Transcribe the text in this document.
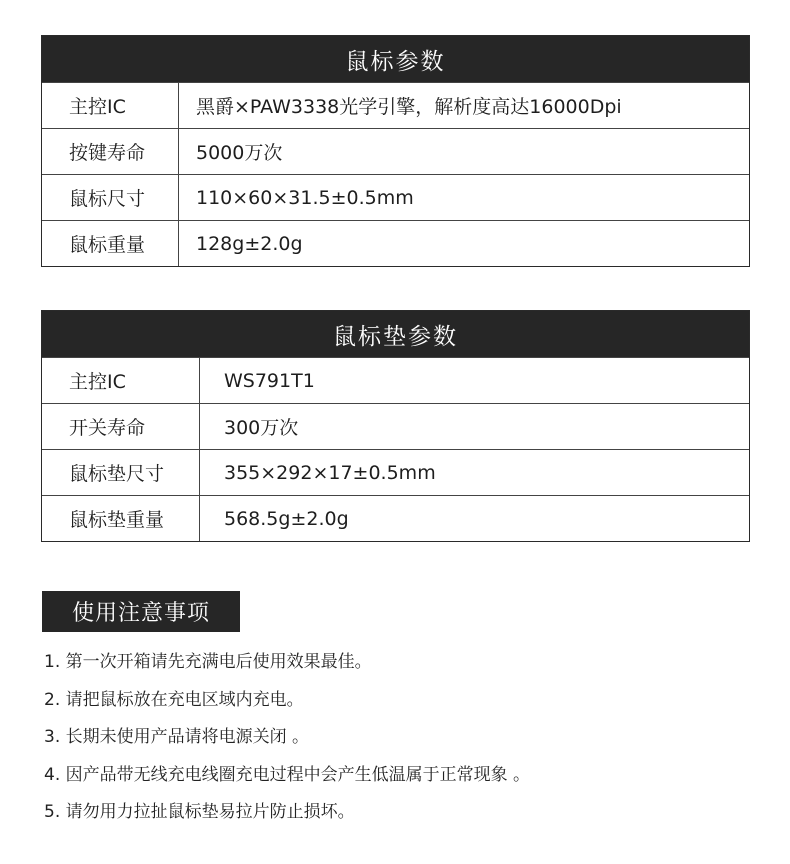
鼠标参数
主控IC	黑爵×PAW3338光学引擎，解析度高达16000Dpi
按键寿命	5000万次
鼠标尺寸	110×60×31.5±0.5mm
鼠标重量	128g±2.0g
鼠标垫参数
主控IC	WS791T1
开关寿命	300万次
鼠标垫尺寸	355×292×17±0.5mm
鼠标垫重量	568.5g±2.0g
使用注意事项
1. 第一次开箱请先充满电后使用效果最佳。
2. 请把鼠标放在充电区域内充电。
3. 长期未使用产品请将电源关闭 。
4. 因产品带无线充电线圈充电过程中会产生低温属于正常现象 。
5. 请勿用力拉扯鼠标垫易拉片防止损坏。
